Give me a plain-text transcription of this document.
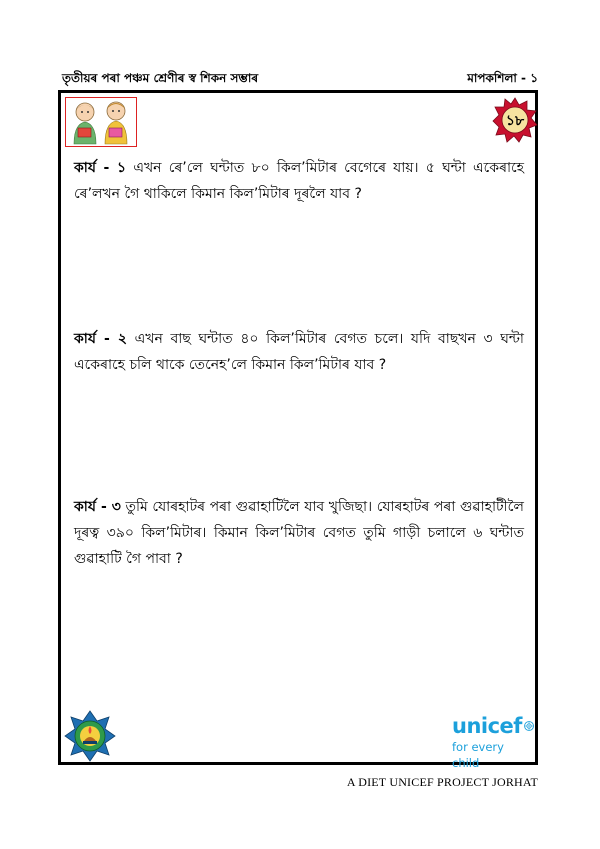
তৃতীয়ৰ পৰা পঞ্চম শ্ৰেণীৰ স্ব শিকন সম্ভাৰ	মাপকশিলা - ১
১৮
কাৰ্য - ১ এখন ৰে’লে ঘন্টাত ৮০ কিল’মিটাৰ বেগেৰে যায়। ৫ ঘন্টা একেৰাহে ৰে’লখন গৈ থাকিলে কিমান কিল’মিটাৰ দূৰলৈ যাব ?
কাৰ্য - ২ এখন বাছ ঘন্টাত ৪০ কিল’মিটাৰ বেগত চলে। যদি বাছখন ৩ ঘন্টা একেৰাহে চলি থাকে তেনেহ’লে কিমান কিল’মিটাৰ যাব ?
কাৰ্য - ৩ তুমি যোৰহাটৰ পৰা গুৱাহাটিলৈ যাব খুজিছা। যোৰহাটৰ পৰা গুৱাহাটীলৈ দূৰত্ব ৩৯০ কিল’মিটাৰ। কিমান কিল’মিটাৰ বেগত তুমি গাড়ী চলালে ৬ ঘন্টাত গুৱাহাটি গৈ পাবা ?
unicef
for every child
A DIET UNICEF PROJECT JORHAT
